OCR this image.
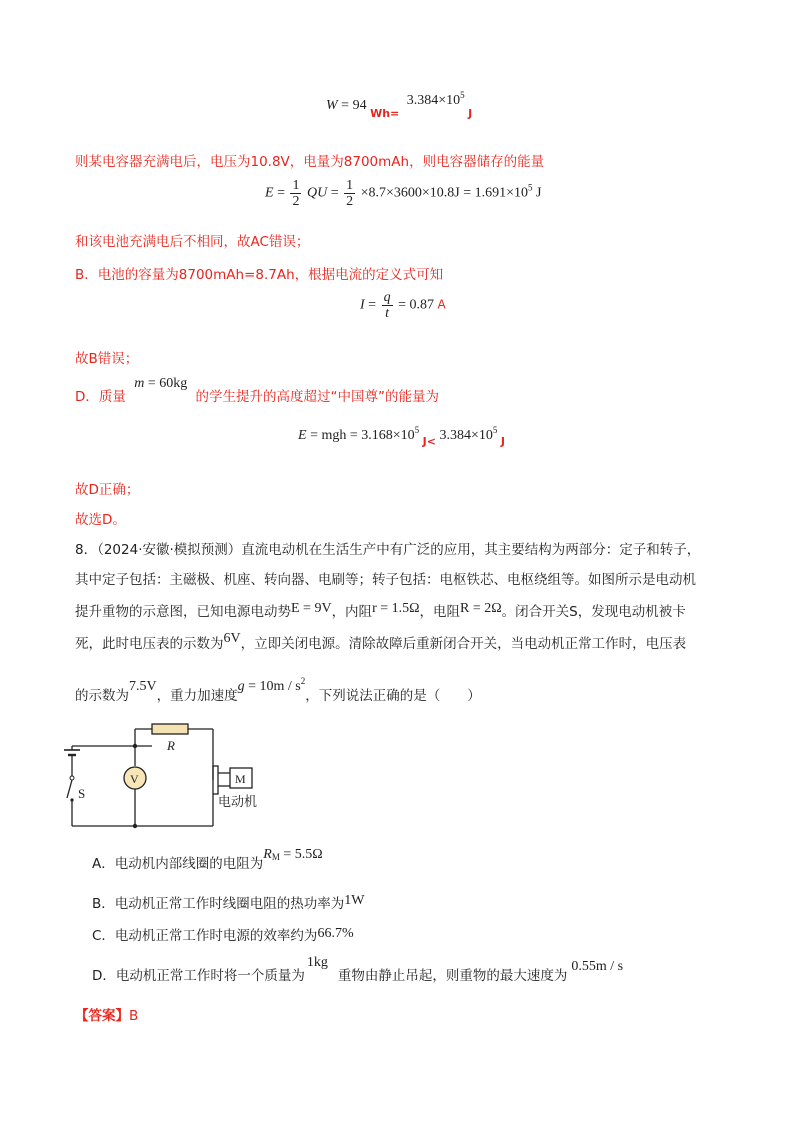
W = 94 $_{Wh=}$ $3.384\times 10^5$ $_J$
则某电容器充满电后，电压为10.8V，电量为8700mAh，则电容器储存的能量
$E = \frac{1}{2}$ QU = $\frac{1}{2} \times 8.7\times 3600\times 10.8J = 1.691\times 10^5$ J
和该电池充满电后不相同，故AC错误；
B．电池的容量为8700mAh=8.7Ah，根据电流的定义式可知
$I = \frac{q}{t} = 0.87$ A
故B错误；
D．质量 m = 60kg 的学生提升的高度超过“中国尊”的能量为
E = mgh = $3.168\times 10^5$ $_{J<}$ $3.384\times 10^5$ $_J$
故D正确；
故选D。
8．（2024·安徽·模拟预测）直流电动机在生活生产中有广泛的应用，其主要结构为两部分：定子和转子，
其中定子包括：主磁极、机座、转向器、电刷等；转子包括：电枢铁芯、电枢绕组等。如图所示是电动机
提升重物的示意图，已知电源电动势E = 9V，内阻r = 1.5Ω，电阻R = 2Ω。闭合开关S，发现电动机被卡
死，此时电压表的示数为6V，立即关闭电源。清除故障后重新闭合开关，当电动机正常工作时，电压表
的示数为7.5V，重力加速度$g = 10m / s^2$，下列说法正确的是（　　）
R
V	M
电动机
S
A．电动机内部线圈的电阻为$R_M = 5.5\Omega$
B．电动机正常工作时线圈电阻的热功率为1W
C．电动机正常工作时电源的效率约为66.7%
D．电动机正常工作时将一个质量为1kg重物由静止吊起，则重物的最大速度为0.55m / s
【答案】B
